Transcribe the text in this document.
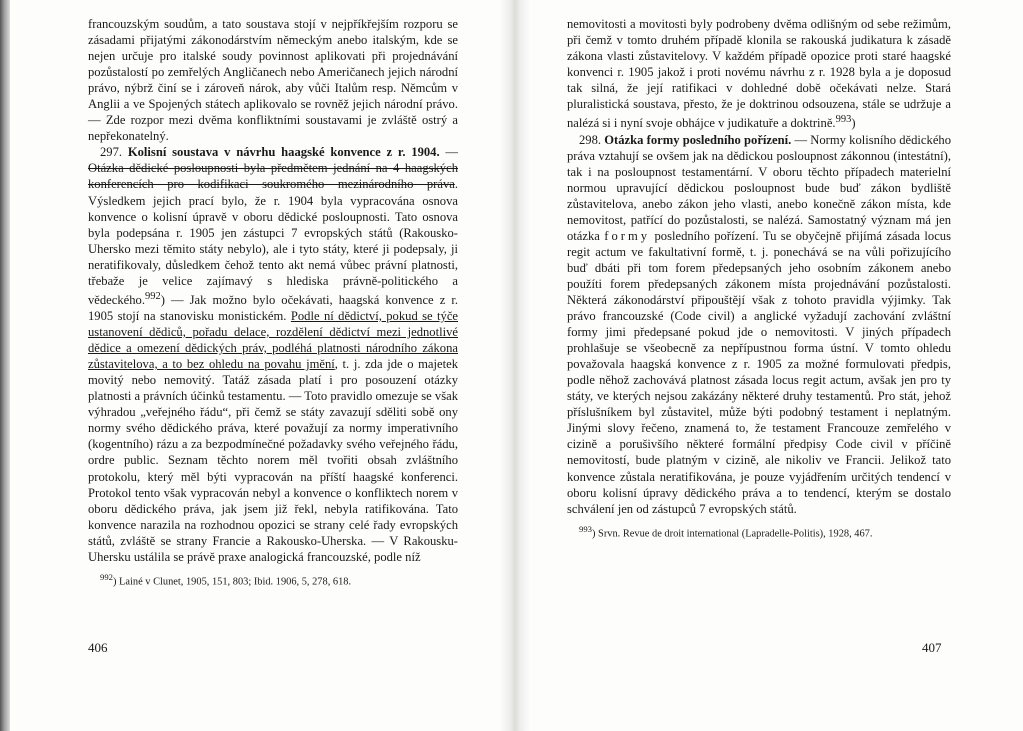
francouzským soudům, a tato soustava stojí v nejpříkřejším rozporu se zásadami přijatými zákonodárstvím německým anebo italským, kde se nejen určuje pro italské soudy povinnost aplikovati při projednávání pozůstalostí po zemřelých Angličanech nebo Američanech jejich národní právo, nýbrž činí se i zároveň nárok, aby vůči Italům resp. Němcům v Anglii a ve Spojených státech aplikovalo se rovněž jejich národní právo. — Zde rozpor mezi dvěma konfliktními soustavami je zvláště ostrý a nepřekonatelný.

297. Kolisní soustava v návrhu haagské konvence z r. 1904. — Otázka dědické posloupnosti byla předmětem jednání na 4 haagských konferencích pro kodifikaci soukromého mezinárodního práva. Výsledkem jejich prací bylo, že r. 1904 byla vypracována osnova konvence o kolisní úpravě v oboru dědické posloupnosti. Tato osnova byla podepsána r. 1905 jen zástupci 7 evropských států (Rakousko-Uhersko mezi těmito státy nebylo), ale i tyto státy, které ji podepsaly, ji neratifikovaly, důsledkem čehož tento akt nemá vůbec právní platnosti, třebaže je velice zajímavý s hlediska právně-politického a vědeckého.$^{992}$) — Jak možno bylo očekávati, haagská konvence z r. 1905 stojí na stanovisku monistickém. Podle ní dědictví, pokud se týče ustanovení dědiců, pořadu delace, rozdělení dědictví mezi jednotlivé dědice a omezení dědických práv, podléhá platnosti národního zákona zůstavitelova, a to bez ohledu na povahu jmění, t. j. zda jde o majetek movitý nebo nemovitý. Tatáž zásada platí i pro posouzení otázky platnosti a právních účinků testamentu. — Toto pravidlo omezuje se však výhradou „veřejného řádu“, při čemž se státy zavazují sděliti sobě ony normy svého dědického práva, které považují za normy imperativního (kogentního) rázu a za bezpodmínečné požadavky svého veřejného řádu, ordre public. Seznam těchto norem měl tvořiti obsah zvláštního protokolu, který měl býti vypracován na příští haagské konferenci. Protokol tento však vypracován nebyl a konvence o konfliktech norem v oboru dědického práva, jak jsem již řekl, nebyla ratifikována. Tato konvence narazila na rozhodnou opozici se strany celé řady evropských států, zvláště se strany Francie a Rakousko-Uherska. — V Rakousku-Uhersku ustálila se právě praxe analogická francouzské, podle níž

$^{992}$) Lainé v Clunet, 1905, 151, 803; Ibid. 1906, 5, 278, 618.
406

nemovitosti a movitosti byly podrobeny dvěma odlišným od sebe režimům, při čemž v tomto druhém případě klonila se rakouská judikatura k zásadě zákona vlasti zůstavitelovy. V každém případě opozice proti staré haagské konvenci r. 1905 jakož i proti novému návrhu z r. 1928 byla a je doposud tak silná, že její ratifikaci v dohledné době očekávati nelze. Stará pluralistická soustava, přesto, že je doktrinou odsouzena, stále se udržuje a nalézá si i nyní svoje obhájce v judikatuře a doktrině.$^{993}$)

298. Otázka formy posledního pořízení. — Normy kolisního dědického práva vztahují se ovšem jak na dědickou posloupnost zákonnou (intestátní), tak i na posloupnost testamentární. V oboru těchto případech materielní normou upravující dědickou posloupnost bude buď zákon bydliště zůstavitelova, anebo zákon jeho vlasti, anebo konečně zákon místa, kde nemovitost, patřící do pozůstalosti, se nalézá. Samostatný význam má jen otázka formy posledního pořízení. Tu se obyčejně přijímá zásada locus regit actum ve fakultativní formě, t. j. ponechává se na vůli pořizujícího buď dbáti při tom forem předepsaných jeho osobním zákonem anebo použíti forem předepsaných zákonem místa projednávání pozůstalosti. Některá zákonodárství připouštějí však z tohoto pravidla výjimky. Tak právo francouzské (Code civil) a anglické vyžadují zachování zvláštní formy jimi předepsané pokud jde o nemovitosti. V jiných případech prohlašuje se všeobecně za nepřípustnou forma ústní. V tomto ohledu považovala haagská konvence z r. 1905 za možné formulovati předpis, podle něhož zachovává platnost zásada locus regit actum, avšak jen pro ty státy, ve kterých nejsou zakázány některé druhy testamentů. Pro stát, jehož příslušníkem byl zůstavitel, může býti podobný testament i neplatným. Jinými slovy řečeno, znamená to, že testament Francouze zemřelého v cizině a porušivšího některé formální předpisy Code civil v příčině nemovitostí, bude platným v cizině, ale nikoliv ve Francii. Jelikož tato konvence zůstala neratifikována, je pouze vyjádřením určitých tendencí v oboru kolisní úpravy dědického práva a to tendencí, kterým se dostalo schválení jen od zástupců 7 evropských států.

$^{993}$) Srvn. Revue de droit international (Lapradelle-Politis), 1928, 467.
407
